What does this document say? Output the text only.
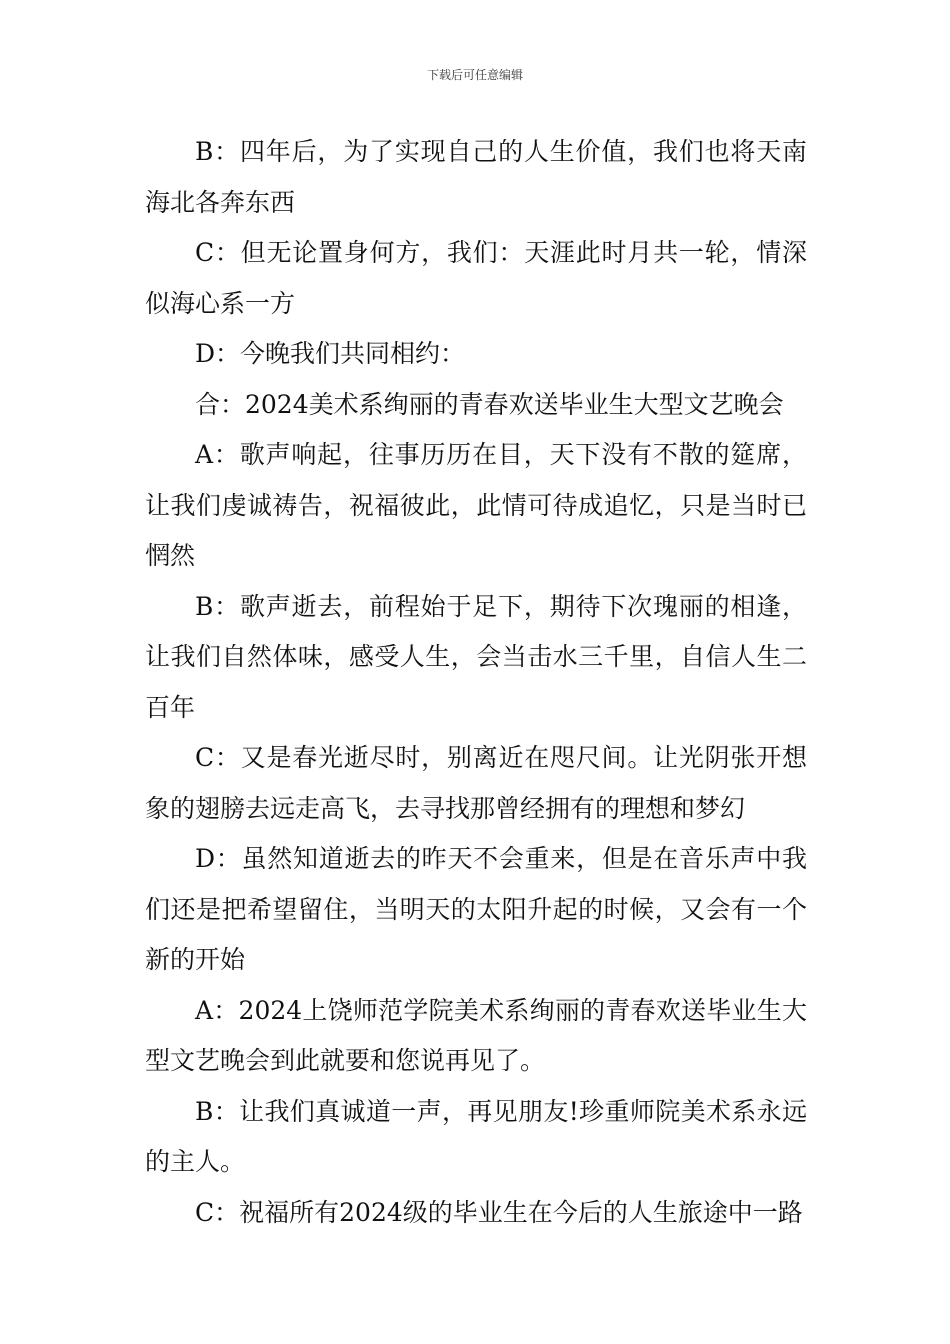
下载后可任意编辑

B：四年后，为了实现自己的人生价值，我们也将天南海北各奔东西

C：但无论置身何方，我们：天涯此时月共一轮，情深似海心系一方

D：今晚我们共同相约：

合：2024美术系绚丽的青春欢送毕业生大型文艺晚会

A：歌声响起，往事历历在目，天下没有不散的筵席，让我们虔诚祷告，祝福彼此，此情可待成追忆，只是当时已惘然

B：歌声逝去，前程始于足下，期待下次瑰丽的相逢，让我们自然体味，感受人生，会当击水三千里，自信人生二百年

C：又是春光逝尽时，别离近在咫尺间。让光阴张开想象的翅膀去远走高飞，去寻找那曾经拥有的理想和梦幻

D：虽然知道逝去的昨天不会重来，但是在音乐声中我们还是把希望留住，当明天的太阳升起的时候，又会有一个新的开始

A：2024上饶师范学院美术系绚丽的青春欢送毕业生大型文艺晚会到此就要和您说再见了。

B：让我们真诚道一声，再见朋友!珍重师院美术系永远的主人。

C：祝福所有2024级的毕业生在今后的人生旅途中一路
